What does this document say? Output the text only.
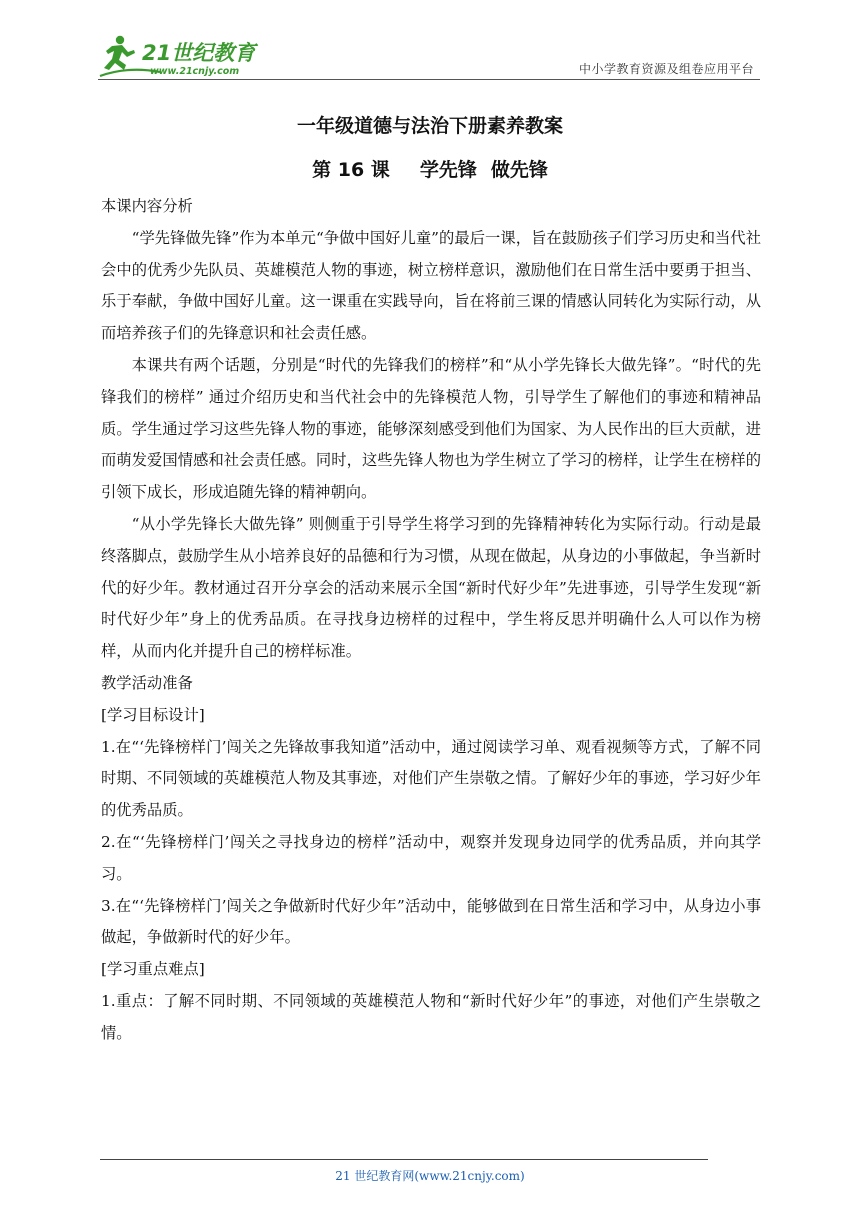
21世纪教育
www.21cnjy.com	中小学教育资源及组卷应用平台
一年级道德与法治下册素养教案
第 16 课 学先锋 做先锋

本课内容分析

“学先锋做先锋”作为本单元“争做中国好儿童”的最后一课，旨在鼓励孩子们学习历史和当代社会中的优秀少先队员、英雄模范人物的事迹，树立榜样意识，激励他们在日常生活中要勇于担当、乐于奉献，争做中国好儿童。这一课重在实践导向，旨在将前三课的情感认同转化为实际行动，从而培养孩子们的先锋意识和社会责任感。

本课共有两个话题，分别是“时代的先锋我们的榜样”和“从小学先锋长大做先锋”。“时代的先锋我们的榜样” 通过介绍历史和当代社会中的先锋模范人物，引导学生了解他们的事迹和精神品质。学生通过学习这些先锋人物的事迹，能够深刻感受到他们为国家、为人民作出的巨大贡献，进而萌发爱国情感和社会责任感。同时，这些先锋人物也为学生树立了学习的榜样，让学生在榜样的引领下成长，形成追随先锋的精神朝向。

“从小学先锋长大做先锋” 则侧重于引导学生将学习到的先锋精神转化为实际行动。行动是最终落脚点，鼓励学生从小培养良好的品德和行为习惯，从现在做起，从身边的小事做起，争当新时代的好少年。教材通过召开分享会的活动来展示全国“新时代好少年”先进事迹，引导学生发现“新时代好少年”身上的优秀品质。在寻找身边榜样的过程中，学生将反思并明确什么人可以作为榜样，从而内化并提升自己的榜样标准。

教学活动准备

[学习目标设计]

1.在“‘先锋榜样门’闯关之先锋故事我知道”活动中，通过阅读学习单、观看视频等方式，了解不同时期、不同领域的英雄模范人物及其事迹，对他们产生崇敬之情。了解好少年的事迹，学习好少年的优秀品质。

2.在“‘先锋榜样门’闯关之寻找身边的榜样”活动中，观察并发现身边同学的优秀品质，并向其学习。

3.在“‘先锋榜样门’闯关之争做新时代好少年”活动中，能够做到在日常生活和学习中，从身边小事做起，争做新时代的好少年。

[学习重点难点]

1.重点：了解不同时期、不同领域的英雄模范人物和“新时代好少年”的事迹，对他们产生崇敬之情。

21 世纪教育网(www.21cnjy.com)
